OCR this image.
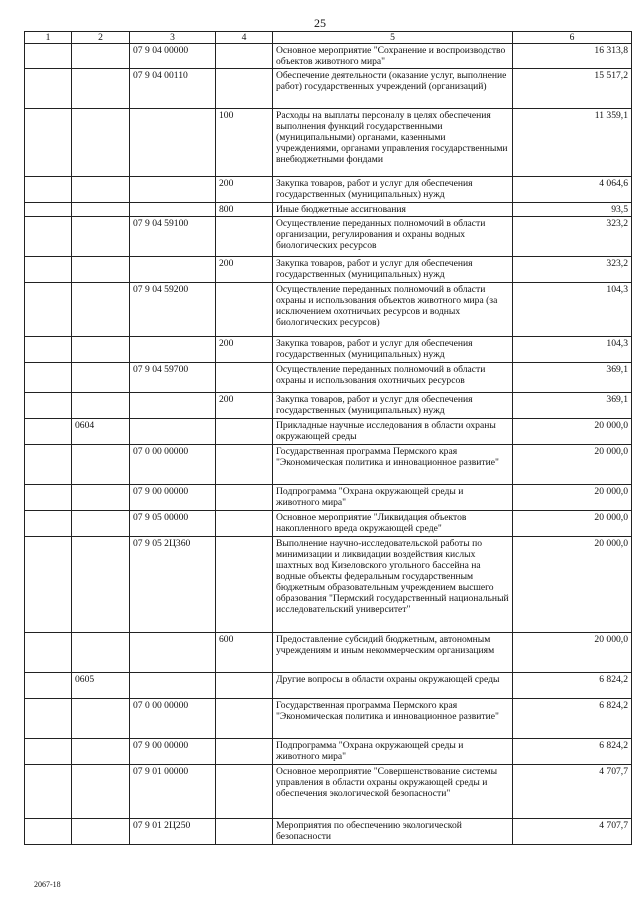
25
1	2	3	4	5	6
		07 9 04 00000		Основное мероприятие "Сохранение и воспроизводство объектов животного мира"	16 313,8
		07 9 04 00110		Обеспечение деятельности (оказание услуг, выполнение работ) государственных учреждений (организаций)	15 517,2
			100	Расходы на выплаты персоналу в целях обеспечения выполнения функций государственными (муниципальными) органами, казенными учреждениями, органами управления государственными внебюджетными фондами	11 359,1
			200	Закупка товаров, работ и услуг для обеспечения государственных (муниципальных) нужд	4 064,6
			800	Иные бюджетные ассигнования	93,5
		07 9 04 59100		Осуществление переданных полномочий в области организации, регулирования и охраны водных биологических ресурсов	323,2
			200	Закупка товаров, работ и услуг для обеспечения государственных (муниципальных) нужд	323,2
		07 9 04 59200		Осуществление переданных полномочий в области охраны и использования объектов животного мира (за исключением охотничьих ресурсов и водных биологических ресурсов)	104,3
			200	Закупка товаров, работ и услуг для обеспечения государственных (муниципальных) нужд	104,3
		07 9 04 59700		Осуществление переданных полномочий в области охраны и использования охотничьих ресурсов	369,1
			200	Закупка товаров, работ и услуг для обеспечения государственных (муниципальных) нужд	369,1
	0604			Прикладные научные исследования в области охраны окружающей среды	20 000,0
		07 0 00 00000		Государственная программа Пермского края "Экономическая политика и инновационное развитие"	20 000,0
		07 9 00 00000		Подпрограмма "Охрана окружающей среды и животного мира"	20 000,0
		07 9 05 00000		Основное мероприятие "Ликвидация объектов накопленного вреда окружающей среде"	20 000,0
		07 9 05 2Ц360		Выполнение научно-исследовательской работы по минимизации и ликвидации воздействия кислых шахтных вод Кизеловского угольного бассейна на водные объекты федеральным государственным бюджетным образовательным учреждением высшего образования "Пермский государственный национальный исследовательский университет"	20 000,0
			600	Предоставление субсидий бюджетным, автономным учреждениям и иным некоммерческим организациям	20 000,0
	0605			Другие вопросы в области охраны окружающей среды	6 824,2
		07 0 00 00000		Государственная программа Пермского края "Экономическая политика и инновационное развитие"	6 824,2
		07 9 00 00000		Подпрограмма "Охрана окружающей среды и животного мира"	6 824,2
		07 9 01 00000		Основное мероприятие "Совершенствование системы управления в области охраны окружающей среды и обеспечения экологической безопасности"	4 707,7
		07 9 01 2Ц250		Мероприятия по обеспечению экологической безопасности	4 707,7
2067-18
